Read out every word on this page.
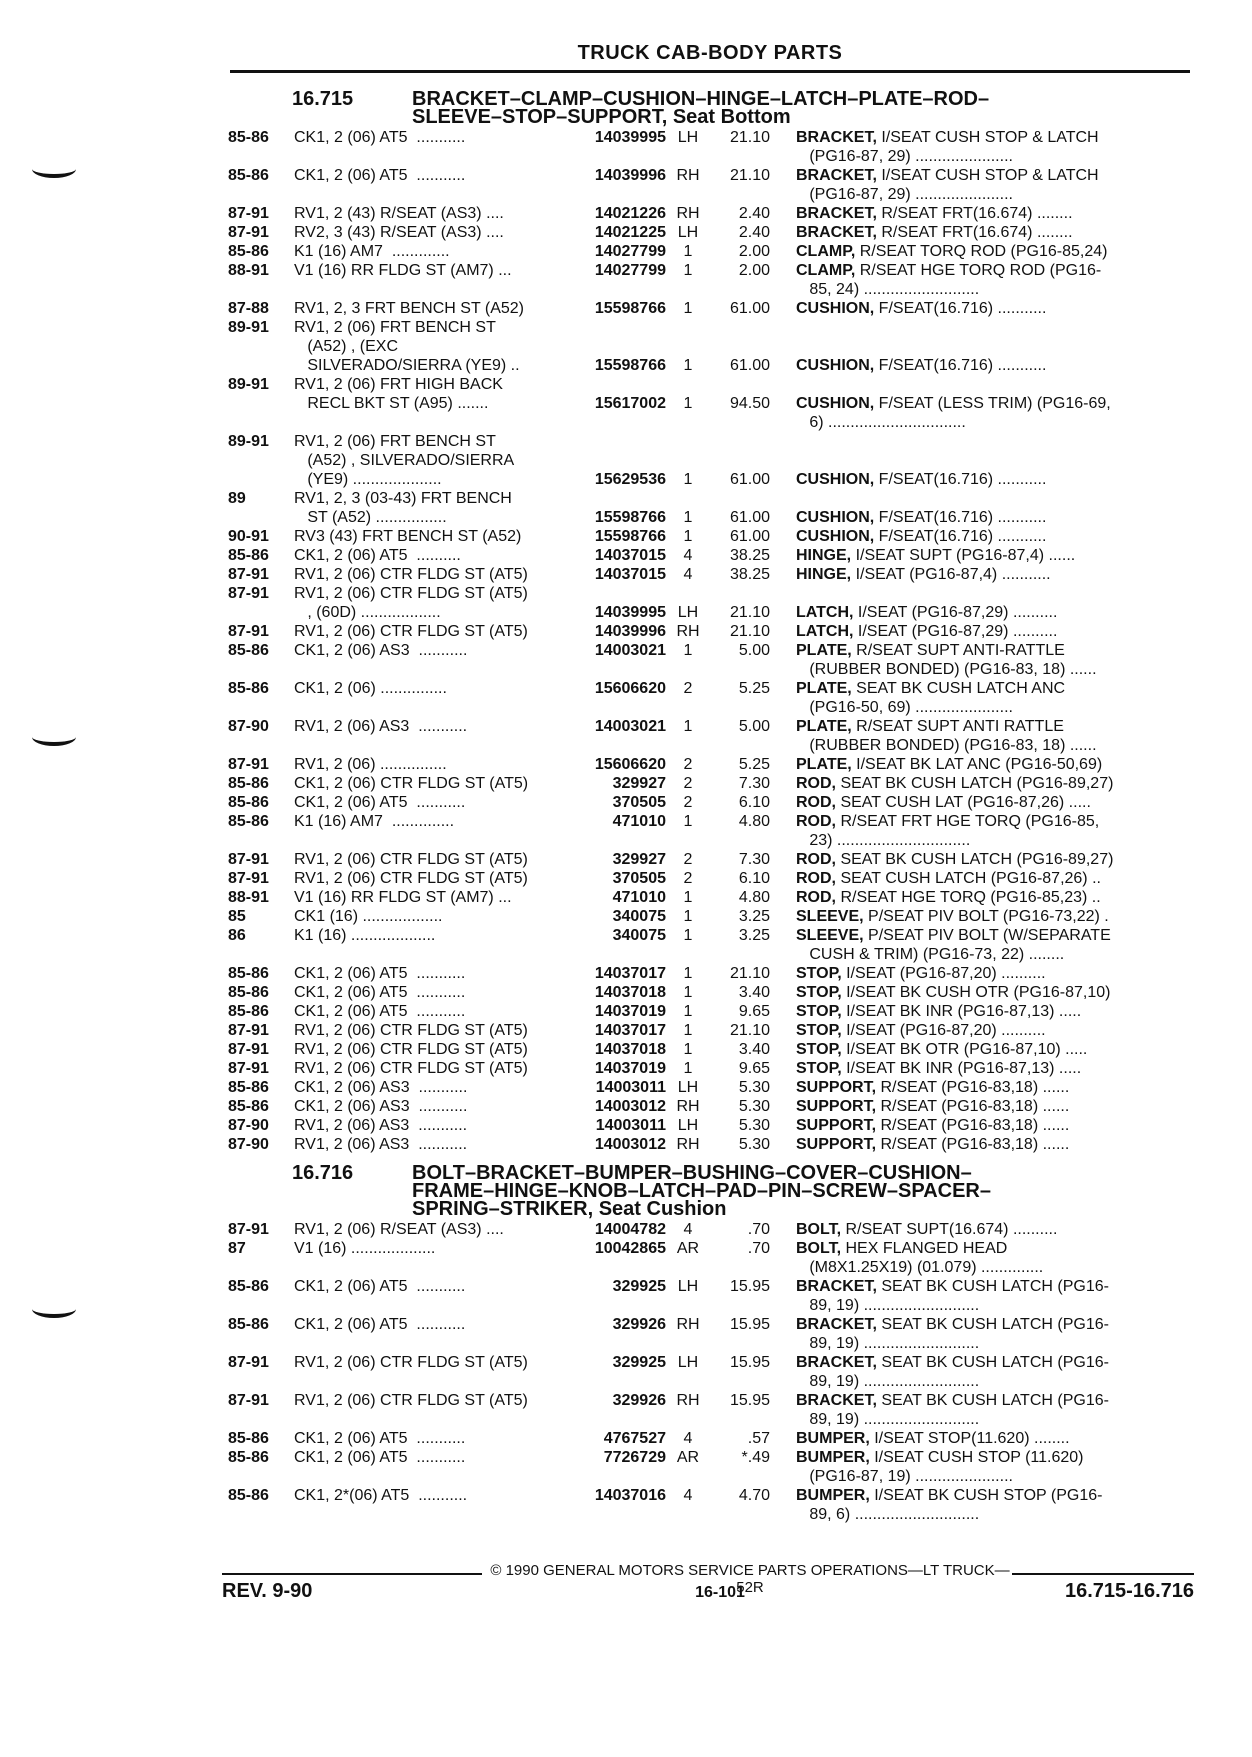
TRUCK CAB-BODY PARTS
16.715	BRACKET–CLAMP–CUSHION–HINGE–LATCH–PLATE–ROD–
SLEEVE–STOP–SUPPORT, Seat Bottom
85-86	CK1, 2 (06) AT5  ...........	14039995 LH	21.10	BRACKET, I/SEAT CUSH STOP & LATCH
(PG16-87, 29) ......................
85-86	CK1, 2 (06) AT5  ...........	14039996 RH	21.10	BRACKET, I/SEAT CUSH STOP & LATCH
(PG16-87, 29) ......................
87-91	RV1, 2 (43) R/SEAT (AS3) ....	14021226 RH	2.40	BRACKET, R/SEAT FRT(16.674) ........
87-91	RV2, 3 (43) R/SEAT (AS3) ....	14021225 LH	2.40	BRACKET, R/SEAT FRT(16.674) ........
85-86	K1 (16) AM7  .............	14027799	1	2.00	CLAMP, R/SEAT TORQ ROD (PG16-85,24)
88-91	V1 (16) RR FLDG ST (AM7) ...	14027799	1	2.00	CLAMP, R/SEAT HGE TORQ ROD (PG16-
85, 24) ..........................
87-88	RV1, 2, 3 FRT BENCH ST (A52)	15598766	1	61.00	CUSHION, F/SEAT(16.716) ...........
89-91	RV1, 2 (06) FRT BENCH ST
(A52) , (EXC
SILVERADO/SIERRA (YE9) ..	15598766	1	61.00	CUSHION, F/SEAT(16.716) ...........
89-91	RV1, 2 (06) FRT HIGH BACK
RECL BKT ST (A95) .......	15617002	1	94.50	CUSHION, F/SEAT (LESS TRIM) (PG16-69,
6) ...............................
89-91	RV1, 2 (06) FRT BENCH ST
(A52) , SILVERADO/SIERRA
(YE9) ....................	15629536	1	61.00	CUSHION, F/SEAT(16.716) ...........
89	RV1, 2, 3 (03-43) FRT BENCH
ST (A52) ................	15598766	1	61.00	CUSHION, F/SEAT(16.716) ...........
90-91	RV3 (43) FRT BENCH ST (A52)	15598766	1	61.00	CUSHION, F/SEAT(16.716) ...........
85-86	CK1, 2 (06) AT5  ..........	14037015	4	38.25	HINGE, I/SEAT SUPT (PG16-87,4) ......
87-91	RV1, 2 (06) CTR FLDG ST (AT5)	14037015	4	38.25	HINGE, I/SEAT (PG16-87,4) ...........
87-91	RV1, 2 (06) CTR FLDG ST (AT5)
, (60D) ..................	14039995 LH	21.10	LATCH, I/SEAT (PG16-87,29) ..........
87-91	RV1, 2 (06) CTR FLDG ST (AT5)	14039996 RH	21.10	LATCH, I/SEAT (PG16-87,29) ..........
85-86	CK1, 2 (06) AS3  ...........	14003021	1	5.00	PLATE, R/SEAT SUPT ANTI-RATTLE
(RUBBER BONDED) (PG16-83, 18) ......
85-86	CK1, 2 (06) ...............	15606620	2	5.25	PLATE, SEAT BK CUSH LATCH ANC
(PG16-50, 69) ......................
87-90	RV1, 2 (06) AS3  ...........	14003021	1	5.00	PLATE, R/SEAT SUPT ANTI RATTLE
(RUBBER BONDED) (PG16-83, 18) ......
87-91	RV1, 2 (06) ...............	15606620	2	5.25	PLATE, I/SEAT BK LAT ANC (PG16-50,69)
85-86	CK1, 2 (06) CTR FLDG ST (AT5)	329927	2	7.30	ROD, SEAT BK CUSH LATCH (PG16-89,27)
85-86	CK1, 2 (06) AT5  ...........	370505	2	6.10	ROD, SEAT CUSH LAT (PG16-87,26) .....
85-86	K1 (16) AM7  ..............	471010	1	4.80	ROD, R/SEAT FRT HGE TORQ (PG16-85,
23) ..............................
87-91	RV1, 2 (06) CTR FLDG ST (AT5)	329927	2	7.30	ROD, SEAT BK CUSH LATCH (PG16-89,27)
87-91	RV1, 2 (06) CTR FLDG ST (AT5)	370505	2	6.10	ROD, SEAT CUSH LATCH (PG16-87,26) ..
88-91	V1 (16) RR FLDG ST (AM7) ...	471010	1	4.80	ROD, R/SEAT HGE TORQ (PG16-85,23) ..
85	CK1 (16) ..................	340075	1	3.25	SLEEVE, P/SEAT PIV BOLT (PG16-73,22) .
86	K1 (16) ...................	340075	1	3.25	SLEEVE, P/SEAT PIV BOLT (W/SEPARATE
CUSH & TRIM) (PG16-73, 22) ........
85-86	CK1, 2 (06) AT5  ...........	14037017	1	21.10	STOP, I/SEAT (PG16-87,20) ..........
85-86	CK1, 2 (06) AT5  ...........	14037018	1	3.40	STOP, I/SEAT BK CUSH OTR (PG16-87,10)
85-86	CK1, 2 (06) AT5  ...........	14037019	1	9.65	STOP, I/SEAT BK INR (PG16-87,13) .....
87-91	RV1, 2 (06) CTR FLDG ST (AT5)	14037017	1	21.10	STOP, I/SEAT (PG16-87,20) ..........
87-91	RV1, 2 (06) CTR FLDG ST (AT5)	14037018	1	3.40	STOP, I/SEAT BK OTR (PG16-87,10) .....
87-91	RV1, 2 (06) CTR FLDG ST (AT5)	14037019	1	9.65	STOP, I/SEAT BK INR (PG16-87,13) .....
85-86	CK1, 2 (06) AS3  ...........	14003011 LH	5.30	SUPPORT, R/SEAT (PG16-83,18) ......
85-86	CK1, 2 (06) AS3  ...........	14003012 RH	5.30	SUPPORT, R/SEAT (PG16-83,18) ......
87-90	RV1, 2 (06) AS3  ...........	14003011 LH	5.30	SUPPORT, R/SEAT (PG16-83,18) ......
87-90	RV1, 2 (06) AS3  ...........	14003012 RH	5.30	SUPPORT, R/SEAT (PG16-83,18) ......
16.716	BOLT–BRACKET–BUMPER–BUSHING–COVER–CUSHION–
FRAME–HINGE–KNOB–LATCH–PAD–PIN–SCREW–SPACER–
SPRING–STRIKER, Seat Cushion
87-91	RV1, 2 (06) R/SEAT (AS3) ....	14004782	4	.70	BOLT, R/SEAT SUPT(16.674) ..........
87	V1 (16) ...................	10042865 AR	.70	BOLT, HEX FLANGED HEAD
(M8X1.25X19) (01.079) ..............
85-86	CK1, 2 (06) AT5  ...........	329925 LH	15.95	BRACKET, SEAT BK CUSH LATCH (PG16-
89, 19) ..........................
85-86	CK1, 2 (06) AT5  ...........	329926 RH	15.95	BRACKET, SEAT BK CUSH LATCH (PG16-
89, 19) ..........................
87-91	RV1, 2 (06) CTR FLDG ST (AT5)	329925 LH	15.95	BRACKET, SEAT BK CUSH LATCH (PG16-
89, 19) ..........................
87-91	RV1, 2 (06) CTR FLDG ST (AT5)	329926 RH	15.95	BRACKET, SEAT BK CUSH LATCH (PG16-
89, 19) ..........................
85-86	CK1, 2 (06) AT5  ...........	4767527	4	.57	BUMPER, I/SEAT STOP(11.620) ........
85-86	CK1, 2 (06) AT5  ...........	7726729 AR	*.49	BUMPER, I/SEAT CUSH STOP (11.620)
(PG16-87, 19) ......................
85-86	CK1, 2*(06) AT5  ...........	14037016	4	4.70	BUMPER, I/SEAT BK CUSH STOP (PG16-
89, 6) ............................
© 1990 GENERAL MOTORS SERVICE PARTS OPERATIONS—LT TRUCK—52R
REV. 9-90	16-101	16.715-16.716
